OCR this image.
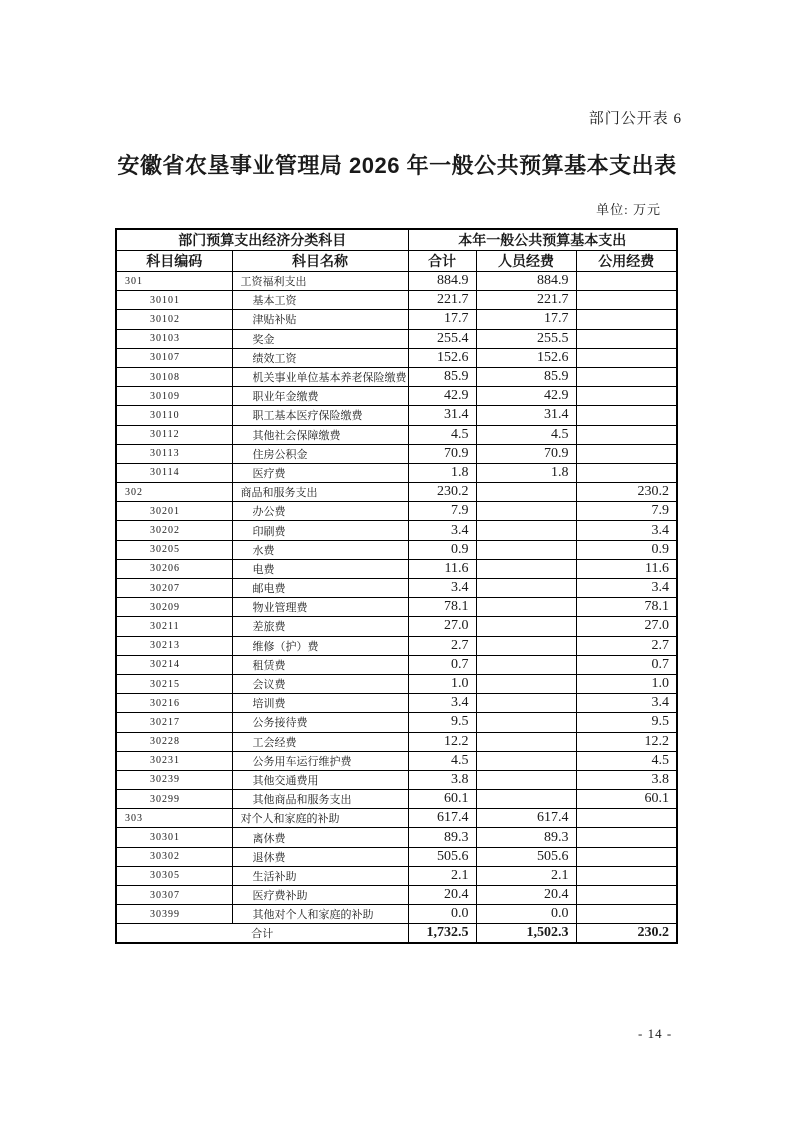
部门公开表 6
安徽省农垦事业管理局 2026 年一般公共预算基本支出表
单位: 万元
部门预算支出经济分类科目		本年一般公共预算基本支出		
科目编码	科目名称	合计	人员经费	公用经费
301	工资福利支出	884.9	884.9	
30101	基本工资	221.7	221.7	
30102	津贴补贴	17.7	17.7	
30103	奖金	255.4	255.5	
30107	绩效工资	152.6	152.6	
30108	机关事业单位基本养老保险缴费	85.9	85.9	
30109	职业年金缴费	42.9	42.9	
30110	职工基本医疗保险缴费	31.4	31.4	
30112	其他社会保障缴费	4.5	4.5	
30113	住房公积金	70.9	70.9	
30114	医疗费	1.8	1.8	
302	商品和服务支出	230.2		230.2
30201	办公费	7.9		7.9
30202	印刷费	3.4		3.4
30205	水费	0.9		0.9
30206	电费	11.6		11.6
30207	邮电费	3.4		3.4
30209	物业管理费	78.1		78.1
30211	差旅费	27.0		27.0
30213	维修（护）费	2.7		2.7
30214	租赁费	0.7		0.7
30215	会议费	1.0		1.0
30216	培训费	3.4		3.4
30217	公务接待费	9.5		9.5
30228	工会经费	12.2		12.2
30231	公务用车运行维护费	4.5		4.5
30239	其他交通费用	3.8		3.8
30299	其他商品和服务支出	60.1		60.1
303	对个人和家庭的补助	617.4	617.4	
30301	离休费	89.3	89.3	
30302	退休费	505.6	505.6	
30305	生活补助	2.1	2.1	
30307	医疗费补助	20.4	20.4	
30399	其他对个人和家庭的补助	0.0	0.0	
合计		1,732.5	1,502.3	230.2
- 14 -
